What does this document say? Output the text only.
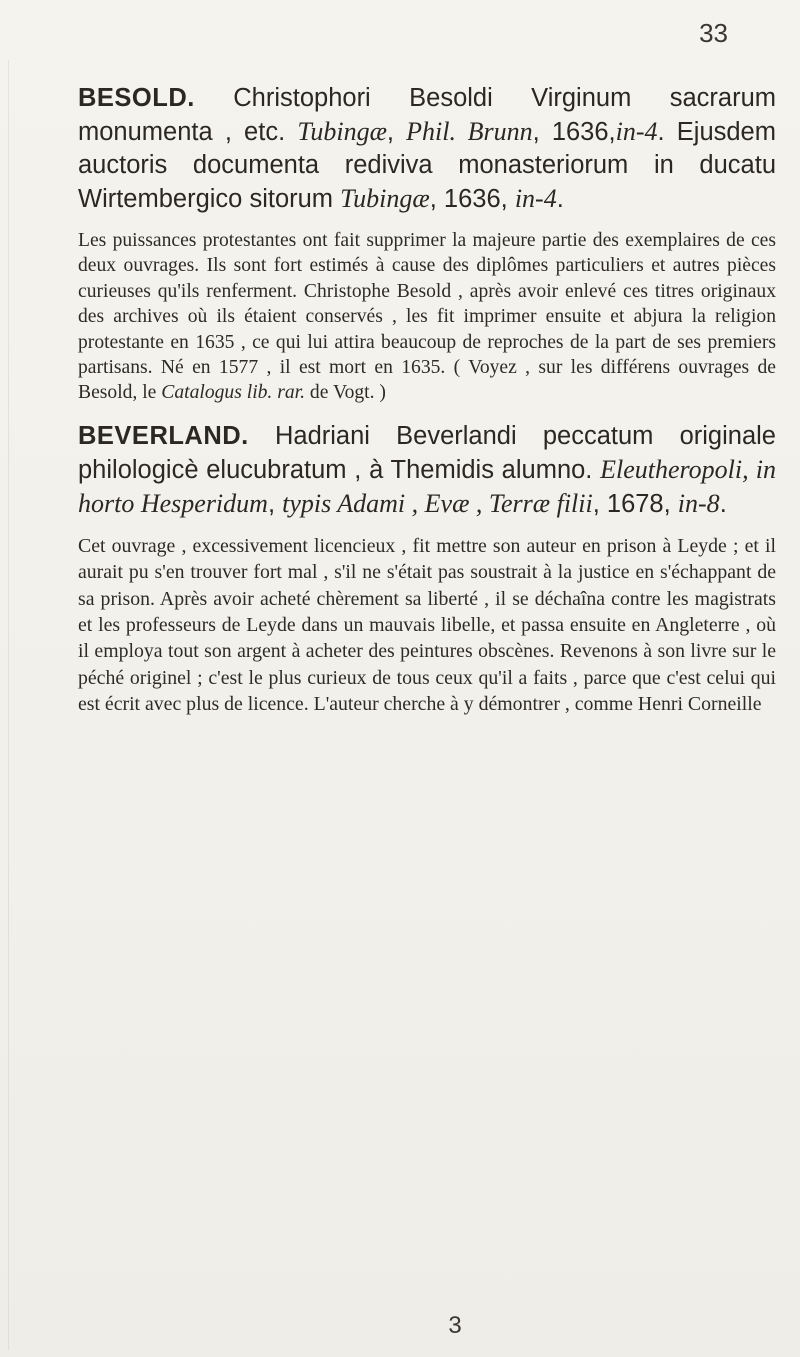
33

BESOLD. Christophori Besoldi Virginum sacrarum monumenta , etc. Tubingæ, Phil. Brunn, 1636,in-4. Ejusdem auctoris documenta rediviva monasteriorum in ducatu Wirtembergico sitorum Tubingæ, 1636, in-4.

Les puissances protestantes ont fait supprimer la majeure partie des exemplaires de ces deux ouvrages. Ils sont fort estimés à cause des diplômes particuliers et autres pièces curieuses qu'ils renferment. Christophe Besold , après avoir enlevé ces titres originaux des archives où ils étaient conservés , les fit imprimer ensuite et abjura la religion protestante en 1635 , ce qui lui attira beaucoup de reproches de la part de ses premiers partisans. Né en 1577 , il est mort en 1635. ( Voyez , sur les différens ouvrages de Besold, le Catalogus lib. rar. de Vogt. )

BEVERLAND. Hadriani Beverlandi peccatum originale philologicè elucubratum , à Themidis alumno. Eleutheropoli, in horto Hesperidum, typis Adami , Evæ , Terræ filii, 1678, in-8.

Cet ouvrage , excessivement licencieux , fit mettre son auteur en prison à Leyde ; et il aurait pu s'en trouver fort mal , s'il ne s'était pas soustrait à la justice en s'échappant de sa prison. Après avoir acheté chèrement sa liberté , il se déchaîna contre les magistrats et les professeurs de Leyde dans un mauvais libelle, et passa ensuite en Angleterre , où il employa tout son argent à acheter des peintures obscènes. Revenons à son livre sur le péché originel ; c'est le plus curieux de tous ceux qu'il a faits , parce que c'est celui qui est écrit avec plus de licence. L'auteur cherche à y démontrer , comme Henri Corneille

3
